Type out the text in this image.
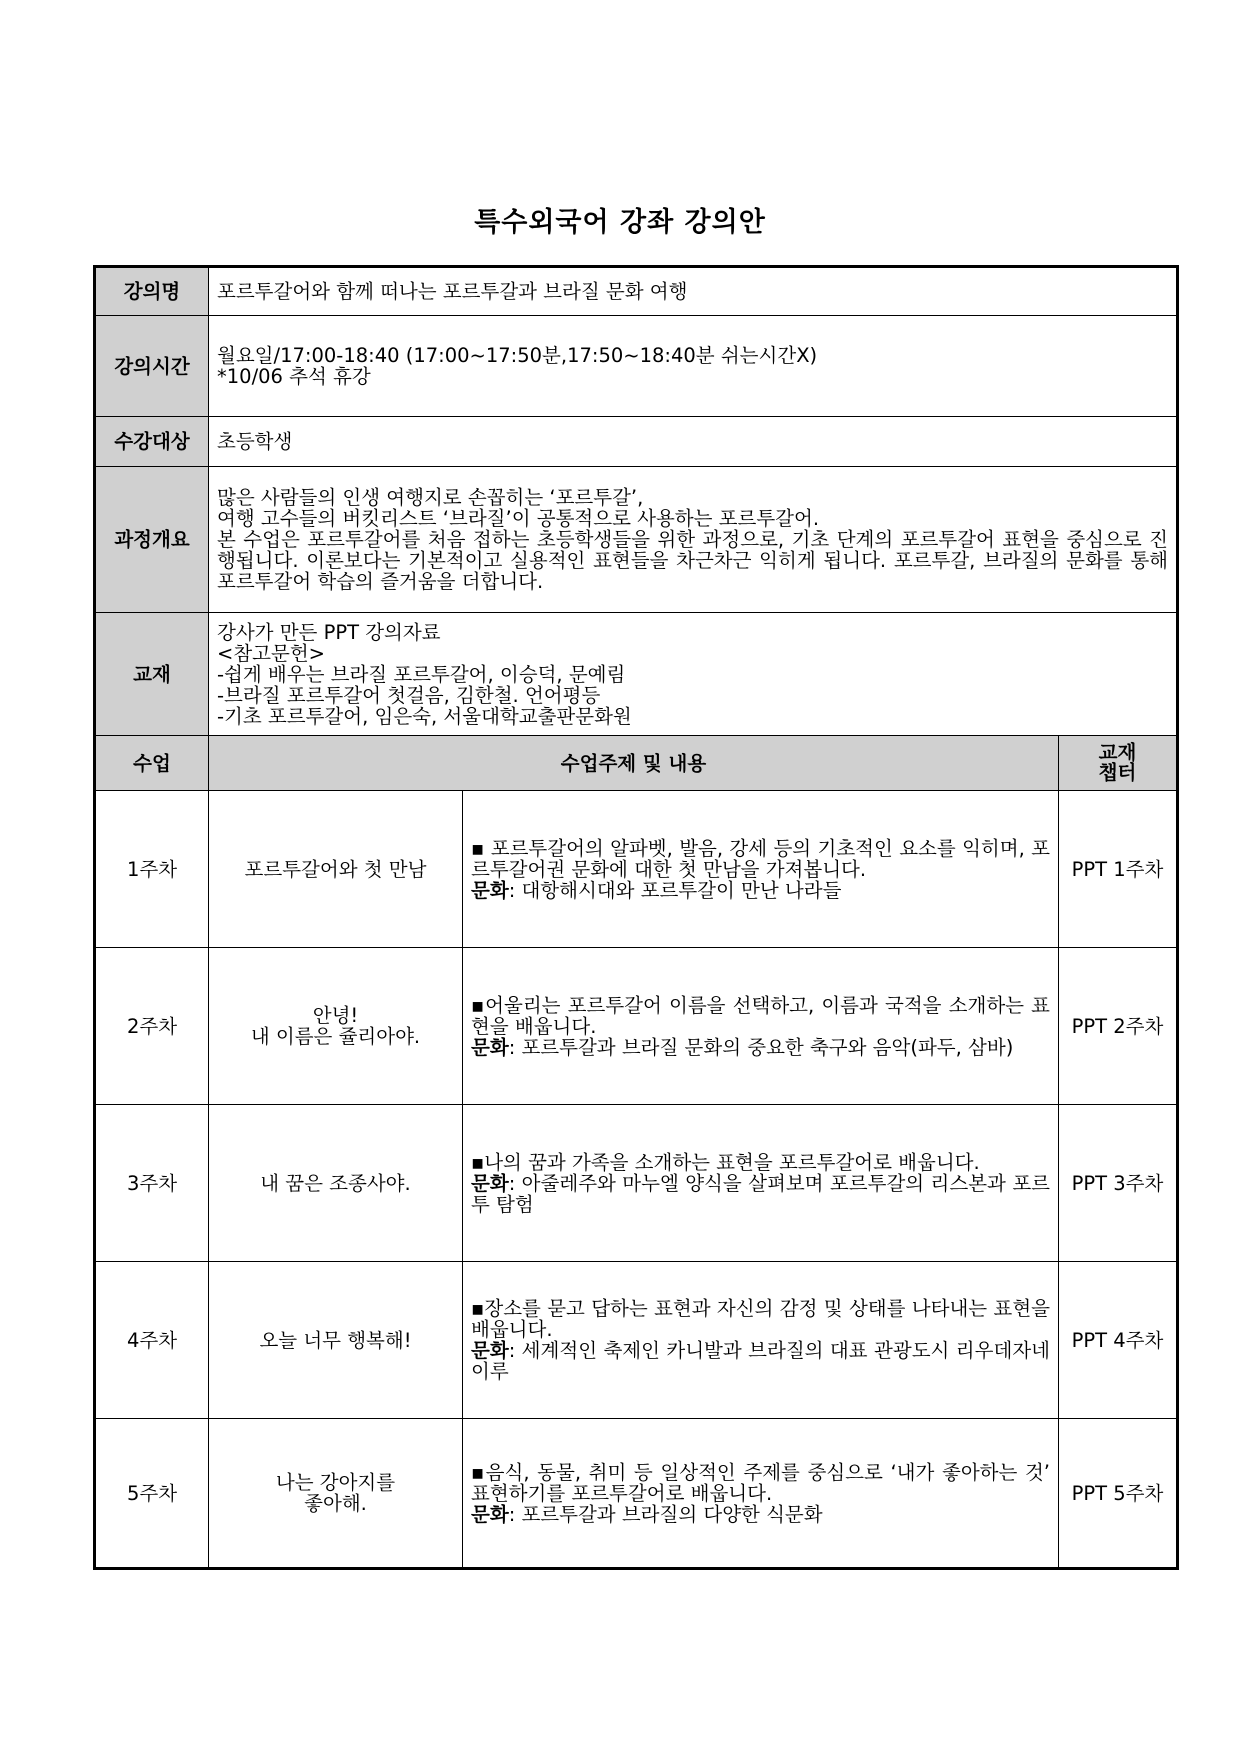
특수외국어 강좌 강의안
강의명	포르투갈어와 함께 떠나는 포르투갈과 브라질 문화 여행		
강의시간	월요일/17:00-18:40 (17:00~17:50분,17:50~18:40분 쉬는시간X)
*10/06 추석 휴강		

수강대상	초등학생		
과정개요	많은 사람들의 인생 여행지로 손꼽히는 ‘포르투갈’,
여행 고수들의 버킷리스트 ‘브라질’이 공통적으로 사용하는 포르투갈어.
본 수업은 포르투갈어를 처음 접하는 초등학생들을 위한 과정으로, 기초 단계의 포르투갈어 표현을 중심으로 진행됩니다. 이론보다는 기본적이고 실용적인 표현들을 차근차근 익히게 됩니다. 포르투갈, 브라질의 문화를 통해 포르투갈어 학습의 즐거움을 더합니다.		

교재	강사가 만든 PPT 강의자료
<참고문헌>
-쉽게 배우는 브라질 포르투갈어, 이승덕, 문예림
-브라질 포르투갈어 첫걸음, 김한철. 언어평등
-기초 포르투갈어, 임은숙, 서울대학교출판문화원		

수업	수업주제 및 내용		교재
챕터

1주차	포르투갈어와 첫 만남	▪ 포르투갈어의 알파벳, 발음, 강세 등의 기초적인 요소를 익히며, 포르투갈어권 문화에 대한 첫 만남을 가져봅니다.
문화: 대항해시대와 포르투갈이 만난 나라들	PPT 1주차
2주차	안녕!
내 이름은 쥴리아야.	▪어울리는 포르투갈어 이름을 선택하고, 이름과 국적을 소개하는 표현을 배웁니다.
문화: 포르투갈과 브라질 문화의 중요한 축구와 음악(파두, 삼바)	PPT 2주차
3주차	내 꿈은 조종사야.	▪나의 꿈과 가족을 소개하는 표현을 포르투갈어로 배웁니다.
문화: 아줄레주와 마누엘 양식을 살펴보며 포르투갈의 리스본과 포르투 탐험	PPT 3주차
4주차	오늘 너무 행복해!	▪장소를 묻고 답하는 표현과 자신의 감정 및 상태를 나타내는 표현을 배웁니다.
문화: 세계적인 축제인 카니발과 브라질의 대표 관광도시 리우데자네이루	PPT 4주차
5주차	나는 강아지를
좋아해.	▪음식, 동물, 취미 등 일상적인 주제를 중심으로 ‘내가 좋아하는 것’ 표현하기를 포르투갈어로 배웁니다.
문화: 포르투갈과 브라질의 다양한 식문화	PPT 5주차
